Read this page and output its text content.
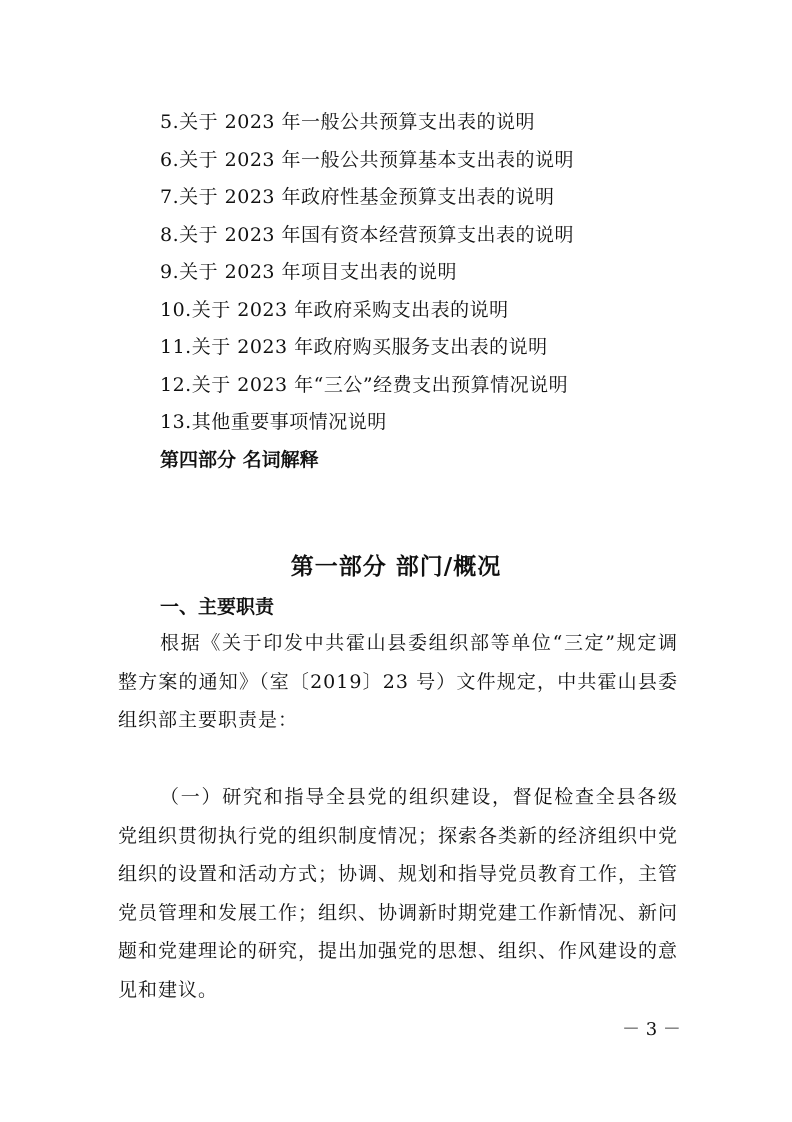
5.关于 2023 年一般公共预算支出表的说明
6.关于 2023 年一般公共预算基本支出表的说明
7.关于 2023 年政府性基金预算支出表的说明
8.关于 2023 年国有资本经营预算支出表的说明
9.关于 2023 年项目支出表的说明
10.关于 2023 年政府采购支出表的说明
11.关于 2023 年政府购买服务支出表的说明
12.关于 2023 年“三公”经费支出预算情况说明
13.其他重要事项情况说明
第四部分 名词解释
第一部分 部门/概况
一、主要职责

根据《关于印发中共霍山县委组织部等单位“三定”规定调整方案的通知》（室〔2019〕23 号）文件规定，中共霍山县委组织部主要职责是：

（一）研究和指导全县党的组织建设，督促检查全县各级党组织贯彻执行党的组织制度情况；探索各类新的经济组织中党组织的设置和活动方式；协调、规划和指导党员教育工作，主管党员管理和发展工作；组织、协调新时期党建工作新情况、新问题和党建理论的研究，提出加强党的思想、组织、作风建设的意见和建议。

－ 3 －
